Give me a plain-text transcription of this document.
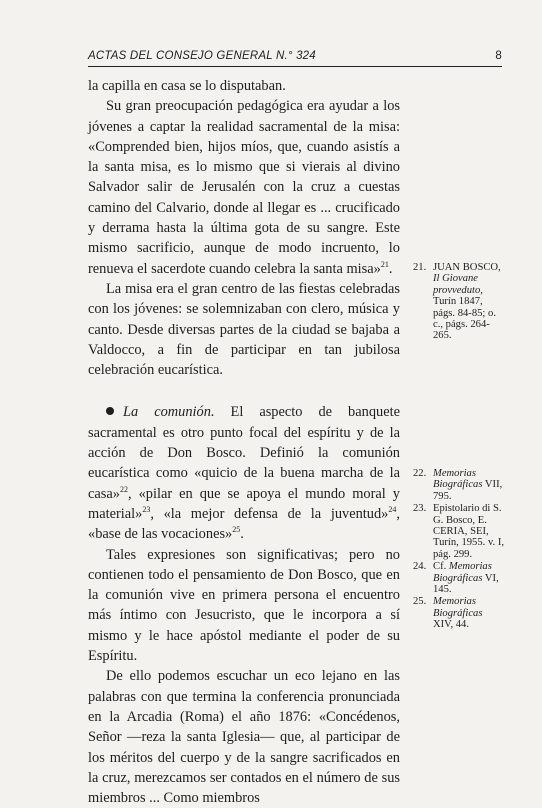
ACTAS DEL CONSEJO GENERAL N.° 324	8

la capilla en casa se lo disputaban.

Su gran preocupación pedagógica era ayudar a los jóvenes a captar la realidad sacramental de la misa: «Comprended bien, hijos míos, que, cuando asistís a la santa misa, es lo mismo que si vierais al divino Salvador salir de Jerusalén con la cruz a cuestas camino del Calvario, donde al llegar es ... crucificado y derrama hasta la última gota de su sangre. Este mismo sacrificio, aunque de modo incruento, lo renueva el sacerdote cuando celebra la santa misa»$^{21}$.

La misa era el gran centro de las fiestas celebradas con los jóvenes: se solemnizaban con clero, música y canto. Desde diversas partes de la ciudad se bajaba a Valdocco, a fin de participar en tan jubilosa celebración eucarística.

La comunión. El aspecto de banquete sacramental es otro punto focal del espíritu y de la acción de Don Bosco. Definió la comunión eucarística como «quicio de la buena marcha de la casa»$^{22}$, «pilar en que se apoya el mundo moral y material»$^{23}$, «la mejor defensa de la juventud»$^{24}$, «base de las vocaciones»$^{25}$.

Tales expresiones son significativas; pero no contienen todo el pensamiento de Don Bosco, que en la comunión vive en primera persona el encuentro más íntimo con Jesucristo, que le incorpora a sí mismo y le hace apóstol mediante el poder de su Espíritu.

De ello podemos escuchar un eco lejano en las palabras con que termina la conferencia pronunciada en la Arcadia (Roma) el año 1876: «Concédenos, Señor —reza la santa Iglesia— que, al participar de los méritos del cuerpo y de la sangre sacrificados en la cruz, merezcamos ser contados en el número de sus miembros ... Como miembros

21. JUAN BOSCO, Il Giovane provveduto, Turín 1847, págs. 84-85; o. c., págs. 264-265.
22. Memorias Biográficas VII, 795.
23. Epistolario di S. G. Bosco, E. CERIA, SEI, Turín, 1955. v. I, pág. 299.
24. Cf. Memorias Biográficas VI, 145.
25. Memorias Biográficas XIV, 44.
